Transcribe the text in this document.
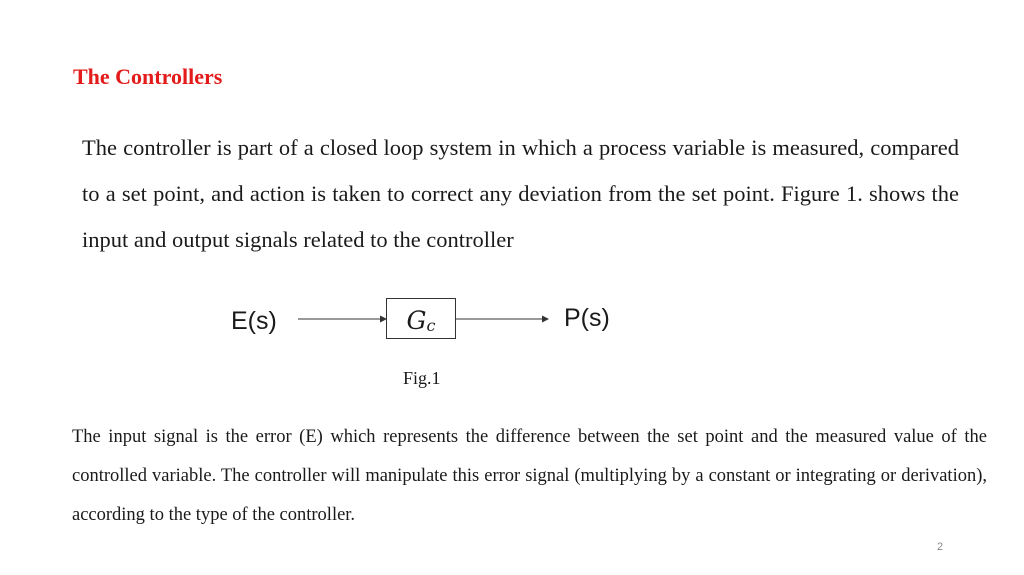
The Controllers
The controller is part of a closed loop system in which a process variable is measured, compared to a set point, and action is taken to correct any deviation from the set point. Figure 1. shows the input and output signals related to the controller
E(s)	$G_c$	P(s)
Fig.1
The input signal is the error (E) which represents the difference between the set point and the measured value of the controlled variable. The controller will manipulate this error signal (multiplying by a constant or integrating or derivation), according to the type of the controller.
2
